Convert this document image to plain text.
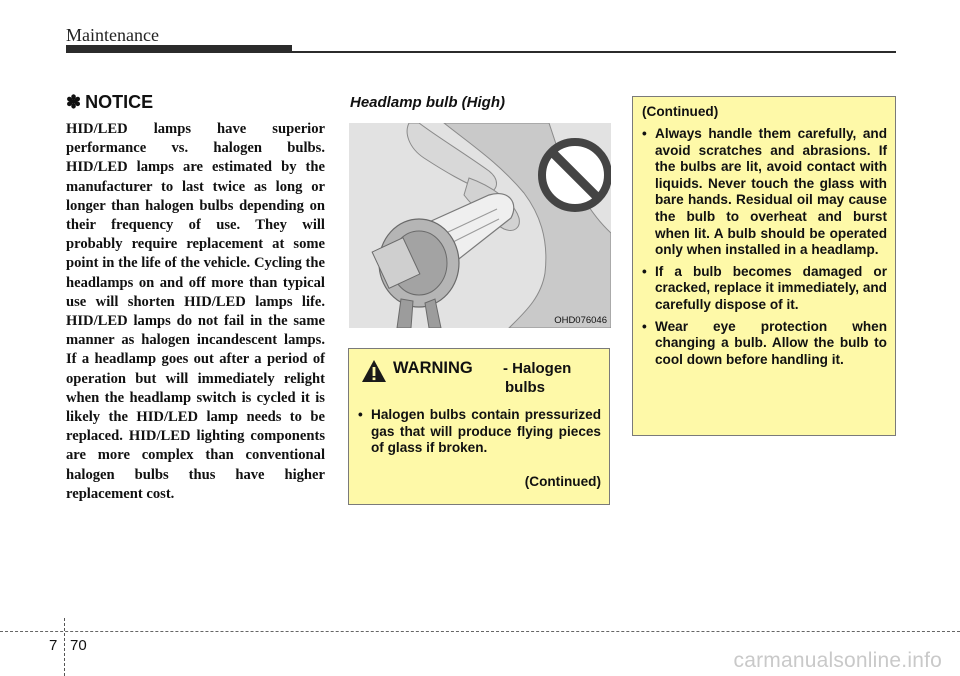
Maintenance
✽ NOTICE
HID/LED lamps have superior performance vs. halogen bulbs. HID/LED lamps are estimated by the manufacturer to last twice as long or longer than halogen bulbs depending on their frequency of use. They will probably require replacement at some point in the life of the vehicle. Cycling the headlamps on and off more than typical use will shorten HID/LED lamps life. HID/LED lamps do not fail in the same manner as halogen incandescent lamps. If a headlamp goes out after a period of operation but will immediately relight when the headlamp switch is cycled it is likely the HID/LED lamp needs to be replaced. HID/LED lighting components are more complex than conventional halogen bulbs thus have higher replacement cost.
Headlamp bulb (High)
OHD076046
WARNING - Halogen
bulbs
• Halogen bulbs contain pressurized gas that will produce flying pieces of glass if broken.
(Continued)
(Continued)
• Always handle them carefully, and avoid scratches and abrasions. If the bulbs are lit, avoid contact with liquids. Never touch the glass with bare hands. Residual oil may cause the bulb to overheat and burst when lit. A bulb should be operated only when installed in a headlamp.
• If a bulb becomes damaged or cracked, replace it immediately, and carefully dispose of it.
• Wear eye protection when changing a bulb. Allow the bulb to cool down before handling it.
7 70
carmanualsonline.info
